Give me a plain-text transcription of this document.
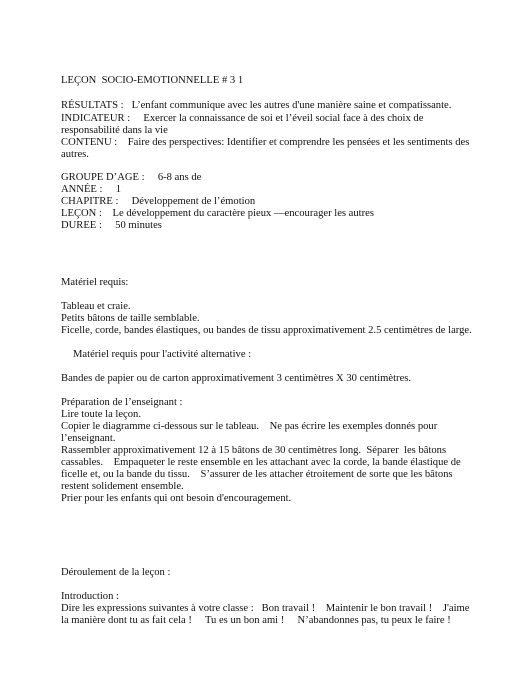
LEÇON  SOCIO-EMOTIONNELLE # 3 1
RÉSULTATS :   L’enfant communique avec les autres d'une manière saine et compatissante.
INDICATEUR :     Exercer la connaissance de soi et l’éveil social face à des choix de
responsabilité dans la vie
CONTENU :    Faire des perspectives: Identifier et comprendre les pensées et les sentiments des
autres.
GROUPE D’AGE :     6-8 ans de
ANNÉE :     1
CHAPITRE :     Développement de l’émotion
LEÇON :    Le développement du caractère pieux —encourager les autres
DUREE :     50 minutes
Matériel requis:
Tableau et craie.
Petits bâtons de taille semblable.
Ficelle, corde, bandes élastiques, ou bandes de tissu approximativement 2.5 centimètres de large.
Matériel requis pour l'activité alternative :
Bandes de papier ou de carton approximativement 3 centimètres X 30 centimètres.
Préparation de l’enseignant :
Lire toute la leçon.
Copier le diagramme ci-dessous sur le tableau.    Ne pas écrire les exemples donnés pour
l’enseignant.
Rassembler approximativement 12 à 15 bâtons de 30 centimètres long.  Séparer  les bâtons
cassables.    Empaqueter le reste ensemble en les attachant avec la corde, la bande élastique de
ficelle et, ou la bande du tissu.    S’assurer de les attacher étroitement de sorte que les bâtons
restent solidement ensemble.
Prier pour les enfants qui ont besoin d'encouragement.
Déroulement de la leçon :
Introduction :
Dire les expressions suivantes à votre classe :   Bon travail !    Maintenir le bon travail !    J'aime
la manière dont tu as fait cela !     Tu es un bon ami !     N’abandonnes pas, tu peux le faire !
